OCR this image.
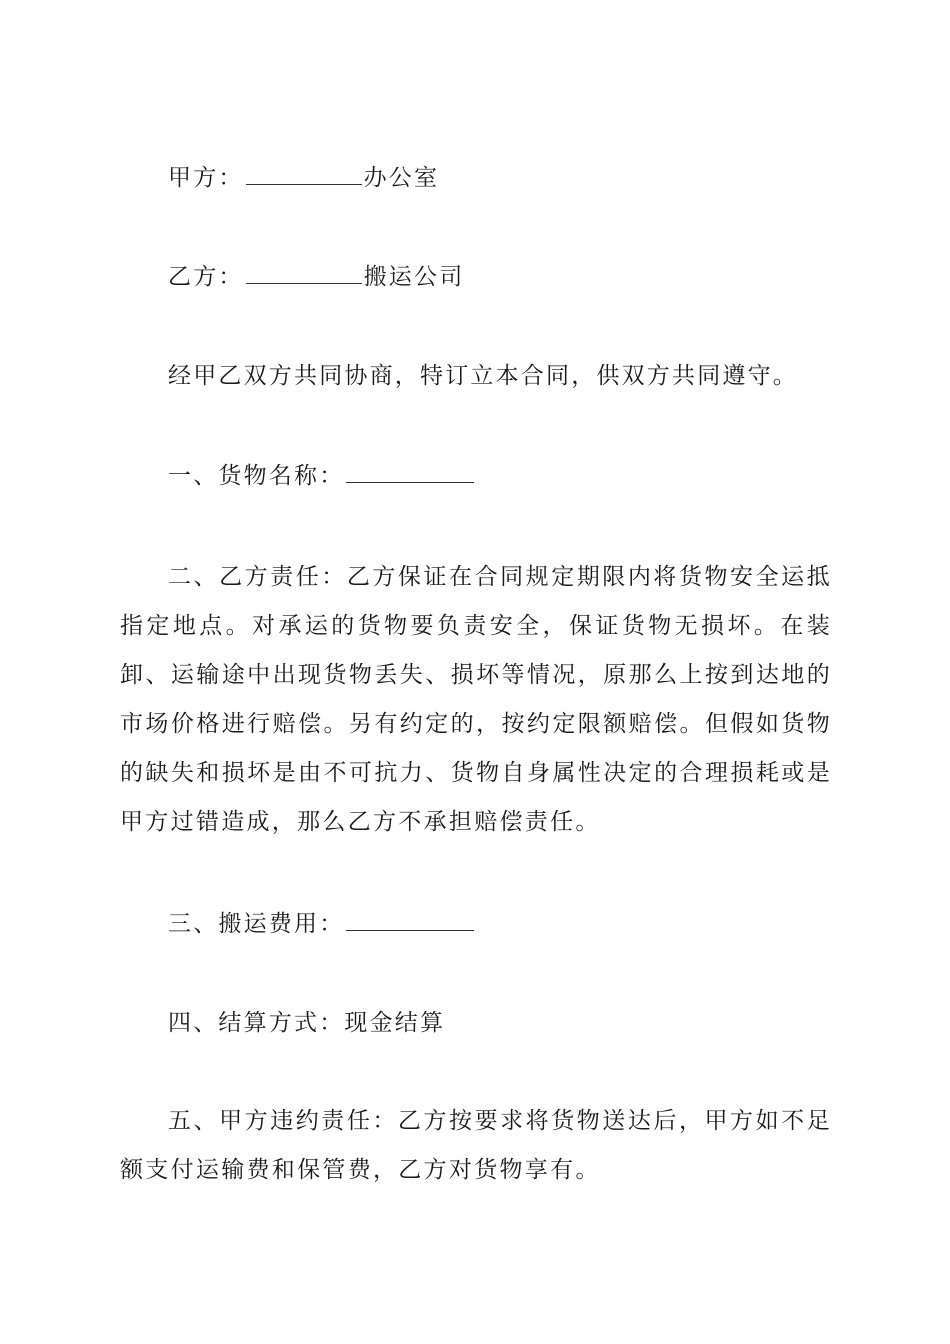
甲方：	办公室
乙方：	搬运公司
经甲乙双方共同协商，特订立本合同，供双方共同遵守。
一、货物名称：

二、乙方责任：乙方保证在合同规定期限内将货物安全运抵指定地点。对承运的货物要负责安全，保证货物无损坏。在装卸、运输途中出现货物丢失、损坏等情况，原那么上按到达地的市场价格进行赔偿。另有约定的，按约定限额赔偿。但假如货物的缺失和损坏是由不可抗力、货物自身属性决定的合理损耗或是甲方过错造成，那么乙方不承担赔偿责任。

三、搬运费用：
四、结算方式：现金结算

五、甲方违约责任：乙方按要求将货物送达后，甲方如不足额支付运输费和保管费，乙方对货物享有。
